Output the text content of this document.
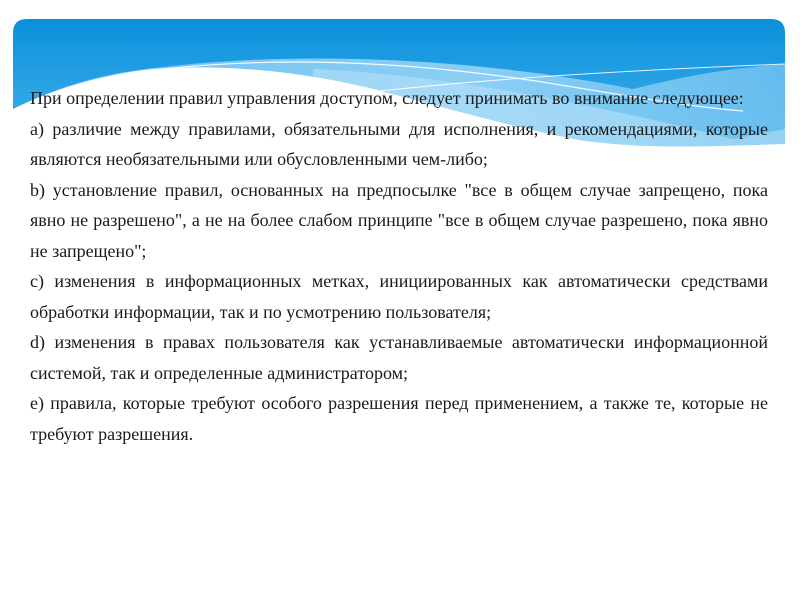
При определении правил управления доступом, следует принимать во внимание следующее:

a) различие между правилами, обязательными для исполнения, и рекомендациями, которые являются необязательными или обусловленными чем-либо;

b) установление правил, основанных на предпосылке "все в общем случае запрещено, пока явно не разрешено", а не на более слабом принципе "все в общем случае разрешено, пока явно не запрещено";

c) изменения в информационных метках, инициированных как автоматически средствами обработки информации, так и по усмотрению пользователя;

d) изменения в правах пользователя как устанавливаемые автоматически информационной системой, так и определенные администратором;

e) правила, которые требуют особого разрешения перед применением, а также те, которые не требуют разрешения.
